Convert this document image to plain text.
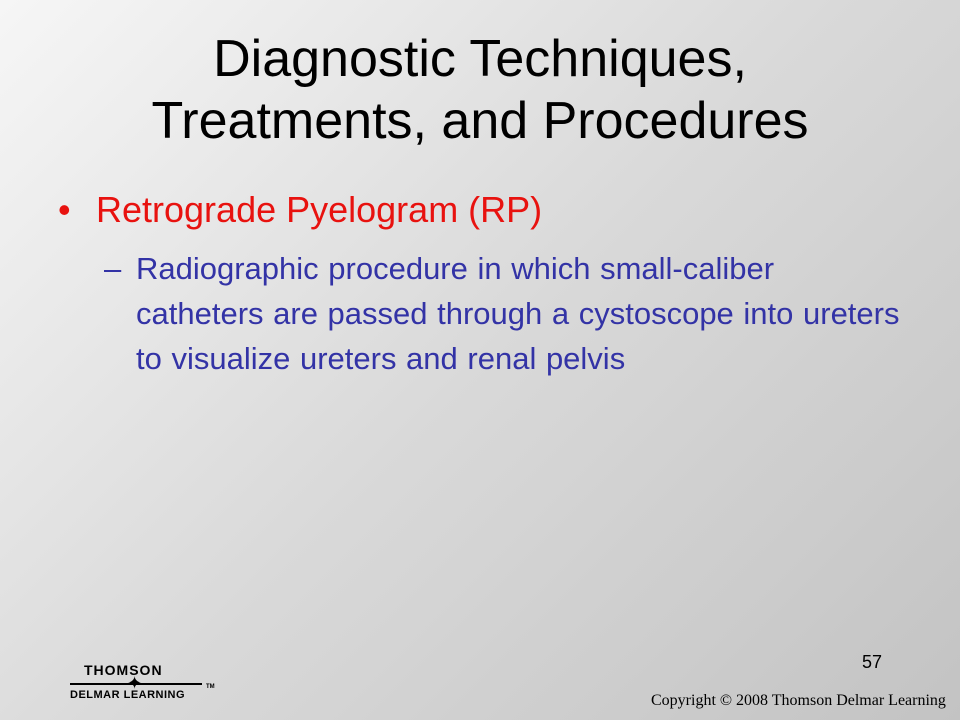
Diagnostic Techniques,
Treatments, and Procedures
• Retrograde Pyelogram (RP)
– Radiographic procedure in which small-caliber catheters are passed through a cystoscope into ureters to visualize ureters and renal pelvis
57
THOMSON
✦
DELMAR LEARNING
TM
Copyright © 2008 Thomson Delmar Learning
